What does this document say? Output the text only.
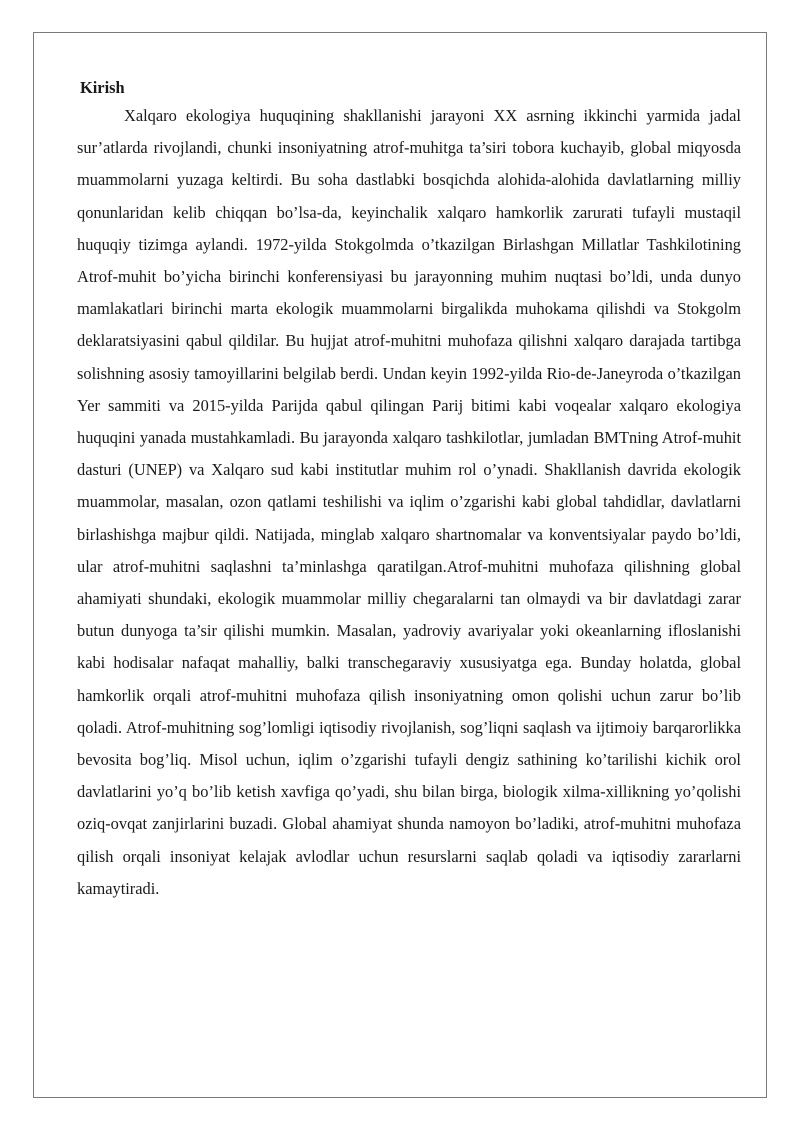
Kirish

Xalqaro ekologiya huquqining shakllanishi jarayoni XX asrning ikkinchi yarmida jadal sur’atlarda rivojlandi, chunki insoniyatning atrof-muhitga ta’siri tobora kuchayib, global miqyosda muammolarni yuzaga keltirdi. Bu soha dastlabki bosqichda alohida-alohida davlatlarning milliy qonunlaridan kelib chiqqan bo’lsa-da, keyinchalik xalqaro hamkorlik zarurati tufayli mustaqil huquqiy tizimga aylandi. 1972-yilda Stokgolmda o’tkazilgan Birlashgan Millatlar Tashkilotining Atrof-muhit bo’yicha birinchi konferensiyasi bu jarayonning muhim nuqtasi bo’ldi, unda dunyo mamlakatlari birinchi marta ekologik muammolarni birgalikda muhokama qilishdi va Stokgolm deklaratsiyasini qabul qildilar. Bu hujjat atrof-muhitni muhofaza qilishni xalqaro darajada tartibga solishning asosiy tamoyillarini belgilab berdi. Undan keyin 1992-yilda Rio-de-Janeyroda o’tkazilgan Yer sammiti va 2015-yilda Parijda qabul qilingan Parij bitimi kabi voqealar xalqaro ekologiya huquqini yanada mustahkamladi. Bu jarayonda xalqaro tashkilotlar, jumladan BMTning Atrof-muhit dasturi (UNEP) va Xalqaro sud kabi institutlar muhim rol o’ynadi. Shakllanish davrida ekologik muammolar, masalan, ozon qatlami teshilishi va iqlim o’zgarishi kabi global tahdidlar, davlatlarni birlashishga majbur qildi. Natijada, minglab xalqaro shartnomalar va konventsiyalar paydo bo’ldi, ular atrof-muhitni saqlashni ta’minlashga qaratilgan.Atrof-muhitni muhofaza qilishning global ahamiyati shundaki, ekologik muammolar milliy chegaralarni tan olmaydi va bir davlatdagi zarar butun dunyoga ta’sir qilishi mumkin. Masalan, yadroviy avariyalar yoki okeanlarning ifloslanishi kabi hodisalar nafaqat mahalliy, balki transchegaraviy xususiyatga ega. Bunday holatda, global hamkorlik orqali atrof-muhitni muhofaza qilish insoniyatning omon qolishi uchun zarur bo’lib qoladi. Atrof-muhitning sog’lomligi iqtisodiy rivojlanish, sog’liqni saqlash va ijtimoiy barqarorlikka bevosita bog’liq. Misol uchun, iqlim o’zgarishi tufayli dengiz sathining ko’tarilishi kichik orol davlatlarini yo’q bo’lib ketish xavfiga qo’yadi, shu bilan birga, biologik xilma-xillikning yo’qolishi oziq-ovqat zanjirlarini buzadi. Global ahamiyat shunda namoyon bo’ladiki, atrof-muhitni muhofaza qilish orqali insoniyat kelajak avlodlar uchun resurslarni saqlab qoladi va iqtisodiy zararlarni kamaytiradi.
